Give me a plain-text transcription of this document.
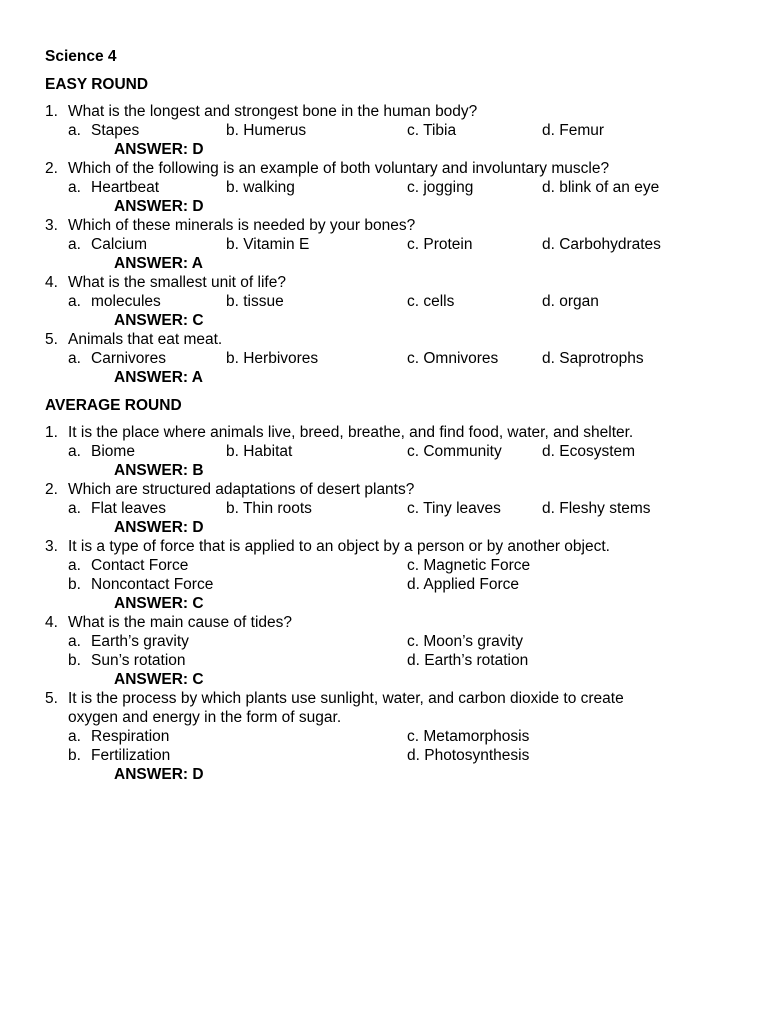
Science 4
EASY ROUND
1. What is the longest and strongest bone in the human body?
a. Stapes	b. Humerus	c. Tibia	d. Femur
ANSWER: D
2. Which of the following is an example of both voluntary and involuntary muscle?
a. Heartbeat	b. walking	c. jogging	d. blink of an eye
ANSWER: D
3. Which of these minerals is needed by your bones?
a. Calcium	b. Vitamin E	c. Protein	d. Carbohydrates
ANSWER: A
4. What is the smallest unit of life?
a. molecules	b. tissue	c. cells	d. organ
ANSWER: C
5. Animals that eat meat.
a. Carnivores	b. Herbivores	c. Omnivores	d. Saprotrophs
ANSWER: A
AVERAGE ROUND
1. It is the place where animals live, breed, breathe, and find food, water, and shelter.
a. Biome	b. Habitat	c. Community	d. Ecosystem
ANSWER: B
2. Which are structured adaptations of desert plants?
a. Flat leaves	b. Thin roots	c. Tiny leaves	d. Fleshy stems
ANSWER: D
3. It is a type of force that is applied to an object by a person or by another object.
a. Contact Force	c. Magnetic Force
b. Noncontact Force	d. Applied Force
ANSWER: C
4. What is the main cause of tides?
a. Earth’s gravity	c. Moon’s gravity
b. Sun’s rotation	d. Earth’s rotation
ANSWER: C
5. It is the process by which plants use sunlight, water, and carbon dioxide to create
oxygen and energy in the form of sugar.
a. Respiration	c. Metamorphosis
b. Fertilization	d. Photosynthesis
ANSWER: D
